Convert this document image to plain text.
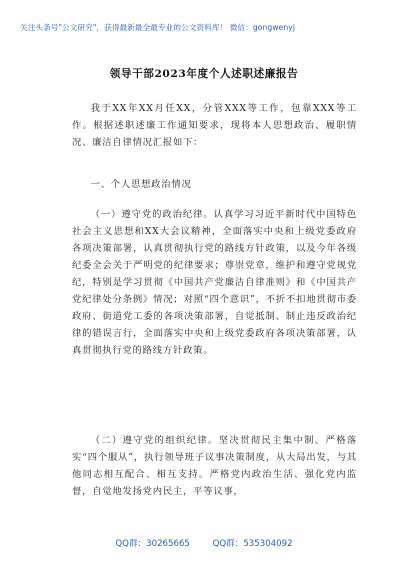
关注头条号"公文研究"，获得最新最全最专业的公文资料库！ 微信：gongwenyj
领导干部2023年度个人述职述廉报告

我于XX年XX月任XX，分管XXX等工作，包靠XXX等工作。根据述职述廉工作通知要求，现将本人思想政治、履职情况、廉洁自律情况汇报如下：

一、个人思想政治情况

（一）遵守党的政治纪律。认真学习习近平新时代中国特色社会主义思想和XX大会议精神，全面落实中央和上级党委政府各项决策部署，认真贯彻执行党的路线方针政策，以及今年各级纪委全会关于严明党的纪律要求；尊崇党章，维护和遵守党规党纪，特别是学习贯彻《中国共产党廉洁自律准则》和《中国共产党纪律处分条例》情况；对照“四个意识”，不折不扣地贯彻市委政府、街道党工委的各项决策部署，自觉抵制、制止违反政治纪律的错误言行，全面落实中央和上级党委政府各项决策部署，认真贯彻执行党的路线方针政策。

（二）遵守党的组织纪律。坚决贯彻民主集中制、严格落实“四个服从”，执行领导班子议事决策制度，从大局出发，与其他同志相互配合、相互支持。严格党内政治生活、强化党内监督，自觉地发扬党内民主，平等议事，

QQ群：30265665	QQ群：535304092
